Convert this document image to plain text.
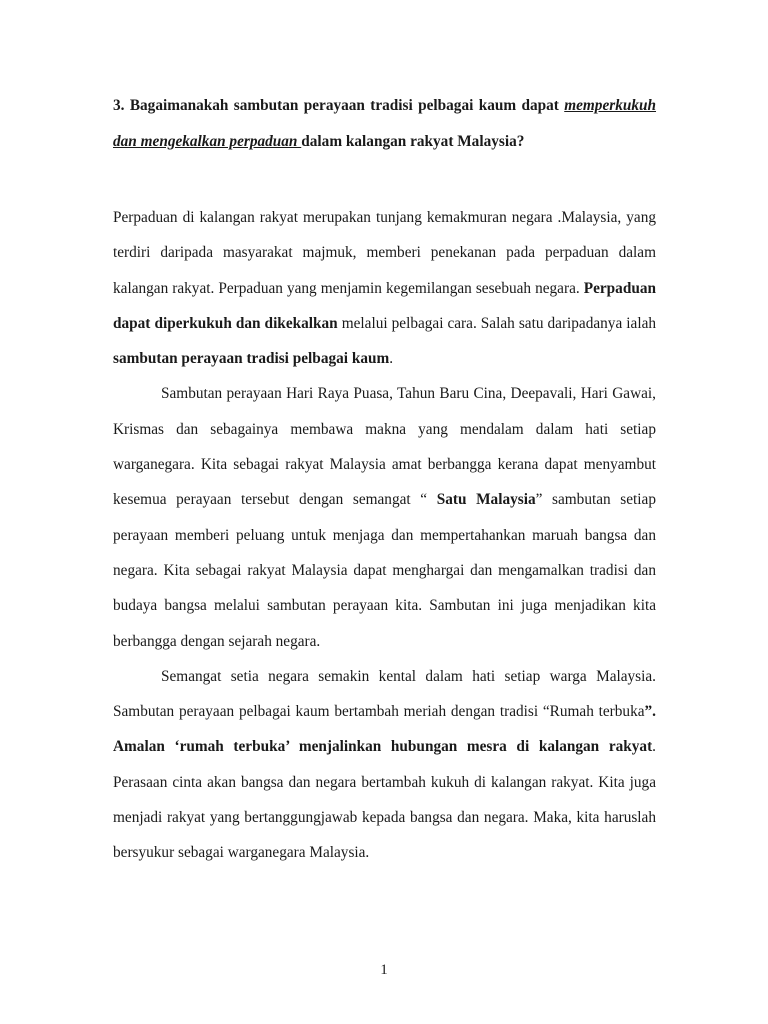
3. Bagaimanakah sambutan perayaan tradisi pelbagai kaum dapat memperkukuh dan mengekalkan perpaduan dalam kalangan rakyat Malaysia?

Perpaduan di kalangan rakyat merupakan tunjang kemakmuran negara .Malaysia, yang terdiri daripada masyarakat majmuk, memberi penekanan pada perpaduan dalam kalangan rakyat. Perpaduan yang menjamin kegemilangan sesebuah negara. Perpaduan dapat diperkukuh dan dikekalkan melalui pelbagai cara. Salah satu daripadanya ialah sambutan perayaan tradisi pelbagai kaum.

Sambutan perayaan Hari Raya Puasa, Tahun Baru Cina, Deepavali, Hari Gawai, Krismas dan sebagainya membawa makna yang mendalam dalam hati setiap warganegara. Kita sebagai rakyat Malaysia amat berbangga kerana dapat menyambut kesemua perayaan tersebut dengan semangat “ Satu Malaysia” sambutan setiap perayaan memberi peluang untuk menjaga dan mempertahankan maruah bangsa dan negara. Kita sebagai rakyat Malaysia dapat menghargai dan mengamalkan tradisi dan budaya bangsa melalui sambutan perayaan kita. Sambutan ini juga menjadikan kita berbangga dengan sejarah negara.

Semangat setia negara semakin kental dalam hati setiap warga Malaysia. Sambutan perayaan pelbagai kaum bertambah meriah dengan tradisi “Rumah terbuka”. Amalan ‘rumah terbuka’ menjalinkan hubungan mesra di kalangan rakyat. Perasaan cinta akan bangsa dan negara bertambah kukuh di kalangan rakyat. Kita juga menjadi rakyat yang bertanggungjawab kepada bangsa dan negara. Maka, kita haruslah bersyukur sebagai warganegara Malaysia.

1
